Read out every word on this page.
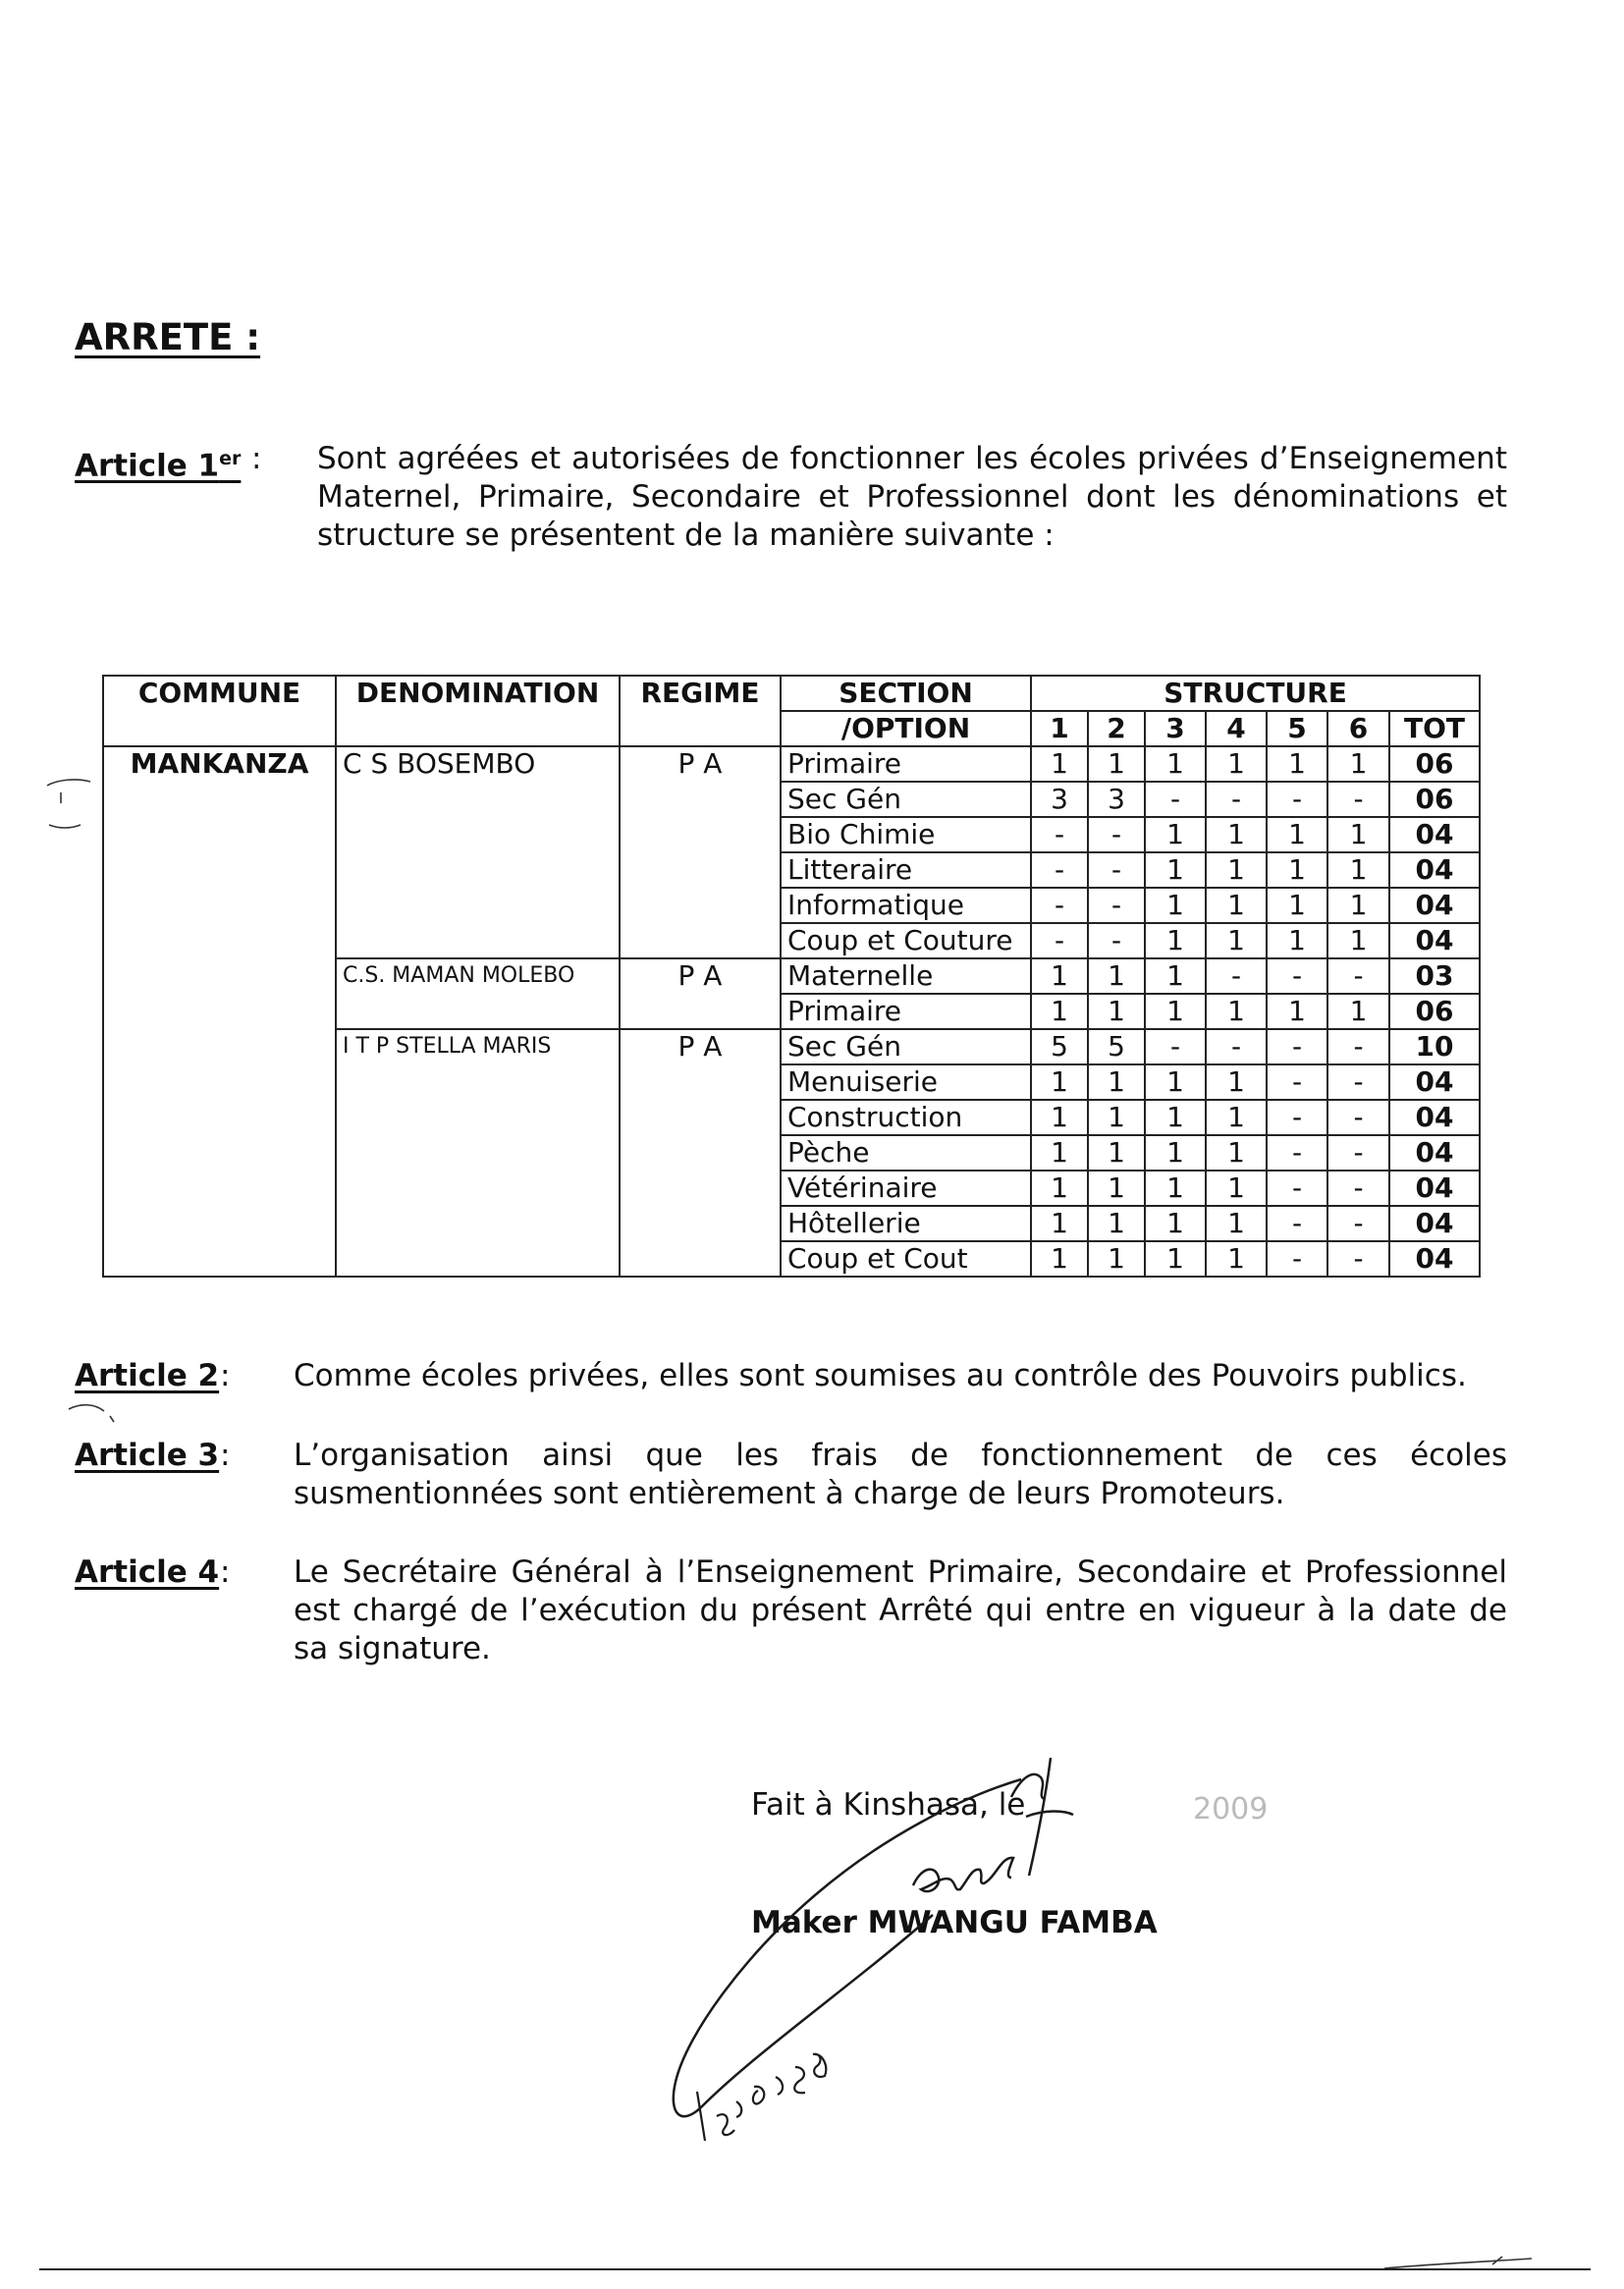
ARRETE :
Article 1er : Sont agréées et autorisées de fonctionner les écoles privées d’Enseignement Maternel, Primaire, Secondaire et Professionnel dont les dénominations et structure se présentent de la manière suivante :
COMMUNE	DENOMINATION	REGIME	SECTION	STRUCTURE						
			/OPTION	1	2	3	4	5	6	TOT
MANKANZA	C S BOSEMBO	P A	Primaire	1	1	1	1	1	1	06
			Sec Gén	3	3	-	-	-	-	06
			Bio Chimie	-	-	1	1	1	1	04
			Litteraire	-	-	1	1	1	1	04
			Informatique	-	-	1	1	1	1	04
			Coup et Couture	-	-	1	1	1	1	04
	C.S. MAMAN MOLEBO	P A	Maternelle	1	1	1	-	-	-	03
			Primaire	1	1	1	1	1	1	06
	I T P STELLA MARIS	P A	Sec Gén	5	5	-	-	-	-	10
			Menuiserie	1	1	1	1	-	-	04
			Construction	1	1	1	1	-	-	04
			Pèche	1	1	1	1	-	-	04
			Vétérinaire	1	1	1	1	-	-	04
			Hôtellerie	1	1	1	1	-	-	04
			Coup et Cout	1	1	1	1	-	-	04
Article 2 : Comme écoles privées, elles sont soumises au contrôle des Pouvoirs publics.
Article 3 : L’organisation ainsi que les frais de fonctionnement de ces écoles susmentionnées sont entièrement à charge de leurs Promoteurs.
Article 4 : Le Secrétaire Général à l’Enseignement Primaire, Secondaire et Professionnel est chargé de l’exécution du présent Arrêté qui entre en vigueur à la date de sa signature.
Fait à Kinshasa, le	2009
Maker MWANGU FAMBA
